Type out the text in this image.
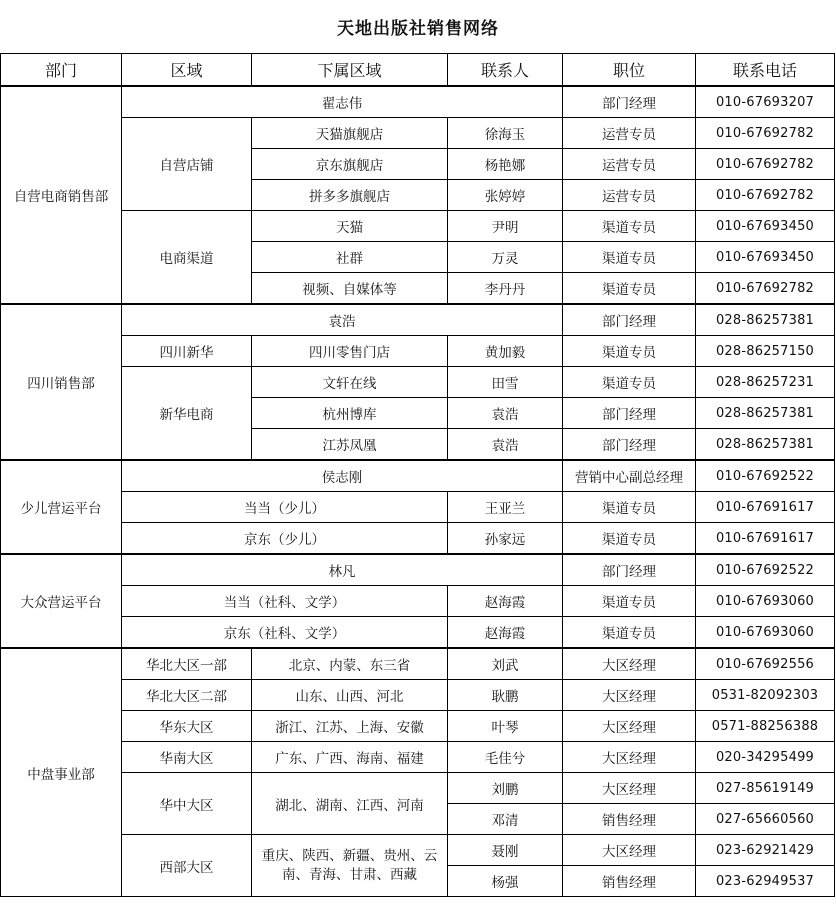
天地出版社销售网络
部门	区域	下属区域	联系人	职位	联系电话
自营电商销售部	翟志伟			部门经理	010-67693207
	自营店铺	天猫旗舰店	徐海玉	运营专员	010-67692782
		京东旗舰店	杨艳娜	运营专员	010-67692782
		拼多多旗舰店	张婷婷	运营专员	010-67692782
	电商渠道	天猫	尹明	渠道专员	010-67693450
		社群	万灵	渠道专员	010-67693450
		视频、自媒体等	李丹丹	渠道专员	010-67692782
四川销售部	袁浩			部门经理	028-86257381
	四川新华	四川零售门店	黄加毅	渠道专员	028-86257150
	新华电商	文轩在线	田雪	渠道专员	028-86257231
		杭州博库	袁浩	部门经理	028-86257381
		江苏凤凰	袁浩	部门经理	028-86257381
少儿营运平台	侯志刚			营销中心副总经理	010-67692522
	当当（少儿）		王亚兰	渠道专员	010-67691617
	京东（少儿）		孙家远	渠道专员	010-67691617
大众营运平台	林凡			部门经理	010-67692522
	当当（社科、文学）		赵海霞	渠道专员	010-67693060
	京东（社科、文学）		赵海霞	渠道专员	010-67693060
中盘事业部	华北大区一部	北京、内蒙、东三省	刘武	大区经理	010-67692556
	华北大区二部	山东、山西、河北	耿鹏	大区经理	0531-82092303
	华东大区	浙江、江苏、上海、安徽	叶琴	大区经理	0571-88256388
	华南大区	广东、广西、海南、福建	毛佳兮	大区经理	020-34295499
	华中大区	湖北、湖南、江西、河南	刘鹏	大区经理	027-85619149
			邓清	销售经理	027-65660560
	西部大区	重庆、陕西、新疆、贵州、云南、青海、甘肃、西藏	聂刚	大区经理	023-62921429
			杨强	销售经理	023-62949537
